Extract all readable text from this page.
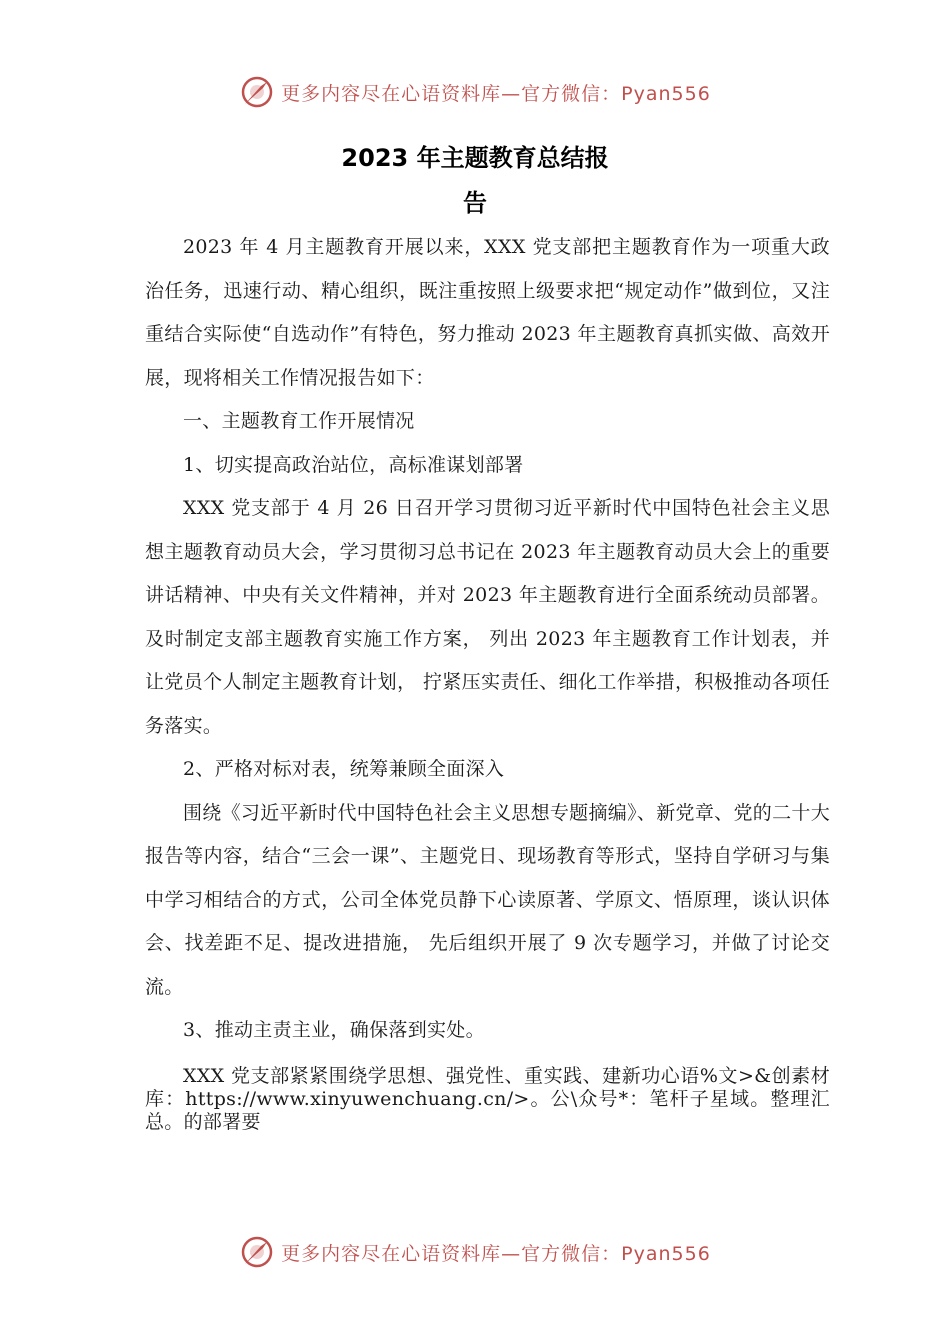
更多内容尽在心语资料库—官方微信：Pyan556
2023 年主题教育总结报
告

2023 年 4 月主题教育开展以来，XXX 党支部把主题教育作为一项重大政治任务，迅速行动、精心组织，既注重按照上级要求把“规定动作”做到位，又注重结合实际使“自选动作”有特色，努力推动 2023 年主题教育真抓实做、高效开展，现将相关工作情况报告如下：

一、主题教育工作开展情况

1、切实提高政治站位，高标准谋划部署

XXX 党支部于 4 月 26 日召开学习贯彻习近平新时代中国特色社会主义思想主题教育动员大会，学习贯彻习总书记在 2023 年主题教育动员大会上的重要讲话精神、中央有关文件精神，并对 2023 年主题教育进行全面系统动员部署。及时制定支部主题教育实施工作方案， 列出 2023 年主题教育工作计划表，并让党员个人制定主题教育计划， 拧紧压实责任、细化工作举措，积极推动各项任务落实。

2、严格对标对表，统筹兼顾全面深入

围绕《习近平新时代中国特色社会主义思想专题摘编》、新党章、党的二十大报告等内容，结合“三会一课”、主题党日、现场教育等形式，坚持自学研习与集中学习相结合的方式，公司全体党员静下心读原著、学原文、悟原理，谈认识体会、找差距不足、提改进措施， 先后组织开展了 9 次专题学习，并做了讨论交流。

3、推动主责主业，确保落到实处。

XXX 党支部紧紧围绕学思想、强党性、重实践、建新功心语%文>&创素材库：https://www.xinyuwenchuang.cn/>。公\众号*：笔杆子星域。整理汇总。的部署要

更多内容尽在心语资料库—官方微信：Pyan556
